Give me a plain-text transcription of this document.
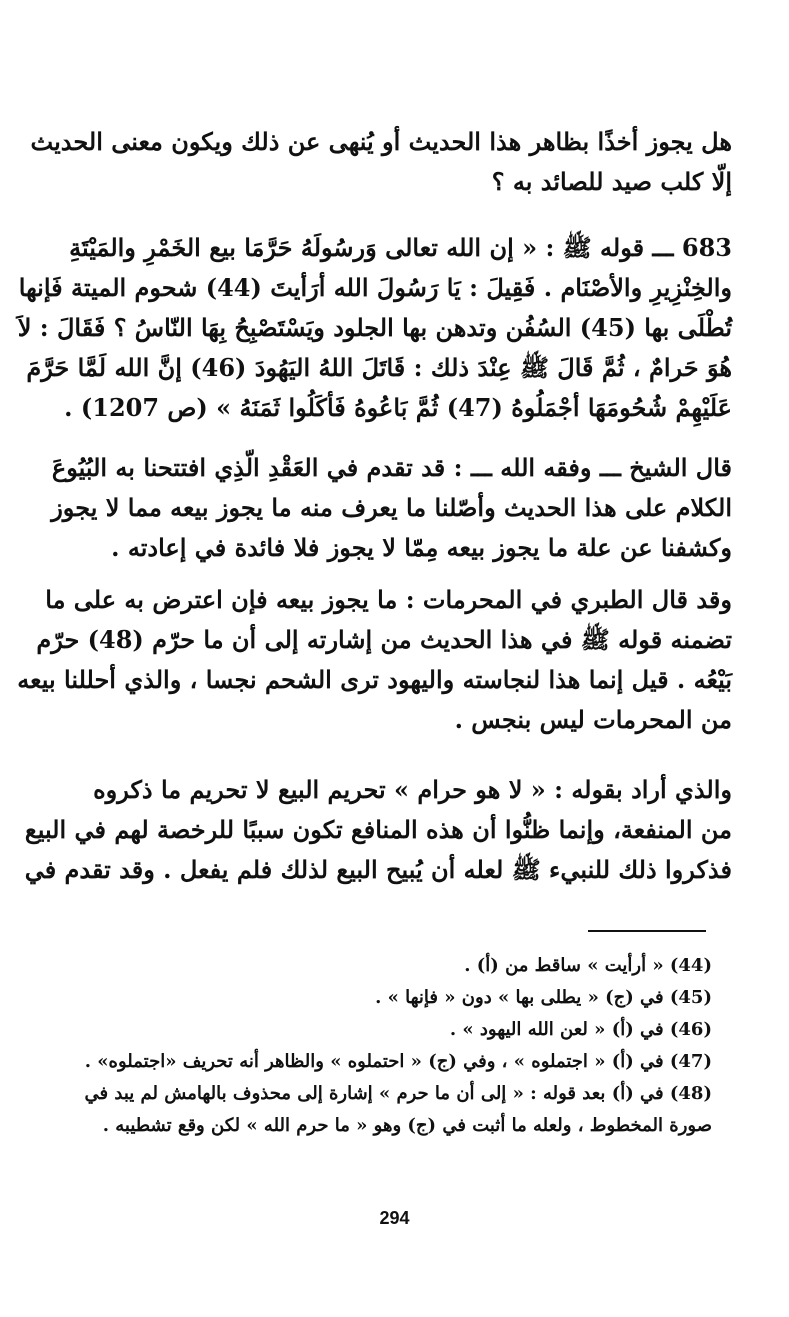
هل يجوز أخذًا بظاهر هذا الحديث أو يُنهى عن ذلك ويكون معنى الحديث
إلّا كلب صيد للصائد به ؟
683 ـــ قوله ﷺ : « إن الله تعالى وَرسُولَهُ حَرَّمَا بيع الخَمْرِ والمَيْتَةِ
والخِنْزِيرِ والأصْنَام . فَقِيلَ : يَا رَسُولَ الله أرَأيتَ (44) شحوم الميتة فَإنها
تُطْلَى بها (45) السُفُن وتدهن بها الجلود ويَسْتَصْبِحُ بِهَا النّاسُ ؟ فَقَالَ : لاَ
هُوَ حَرامٌ ، ثُمَّ قَالَ ﷺ عِنْدَ ذلك : قَاتَلَ اللهُ اليَهُودَ (46) إنَّ الله لَمَّا حَرَّمَ
عَلَيْهِمْ شُحُومَهَا أجْمَلُوهُ (47) ثُمَّ بَاعُوهُ فَأكَلُوا ثَمَنَهُ » (ص 1207) .
قال الشيخ ـــ وفقه الله ـــ : قد تقدم في العَقْدِ الّذِي افتتحنا به البُيُوعَ
الكلام على هذا الحديث وأصّلنا ما يعرف منه ما يجوز بيعه مما لا يجوز
وكشفنا عن علة ما يجوز بيعه مِمّا لا يجوز فلا فائدة في إعادته .
وقد قال الطبري في المحرمات : ما يجوز بيعه فإن اعترض به على ما
تضمنه قوله ﷺ في هذا الحديث من إشارته إلى أن ما حرّم (48) حرّم
بَيْعُه . قيل إنما هذا لنجاسته واليهود ترى الشحم نجسا ، والذي أحللنا بيعه
من المحرمات ليس بنجس .
والذي أراد بقوله : « لا هو حرام » تحريم البيع لا تحريم ما ذكروه
من المنفعة، وإنما ظنُّوا أن هذه المنافع تكون سببًا للرخصة لهم في البيع
فذكروا ذلك للنبيء ﷺ لعله أن يُبيح البيع لذلك فلم يفعل . وقد تقدم في
(44) « أرأيت » ساقط من (أ) .
(45) في (ج) « يطلى بها » دون « فإنها » .
(46) في (أ) « لعن الله اليهود » .
(47) في (أ) « اجتملوه » ، وفي (ج) « احتملوه » والظاهر أنه تحريف «اجتملوه» .
(48) في (أ) بعد قوله : « إلى أن ما حرم » إشارة إلى محذوف بالهامش لم يبد في
صورة المخطوط ، ولعله ما أثبت في (ج) وهو « ما حرم الله » لكن وقع تشطيبه .
294
